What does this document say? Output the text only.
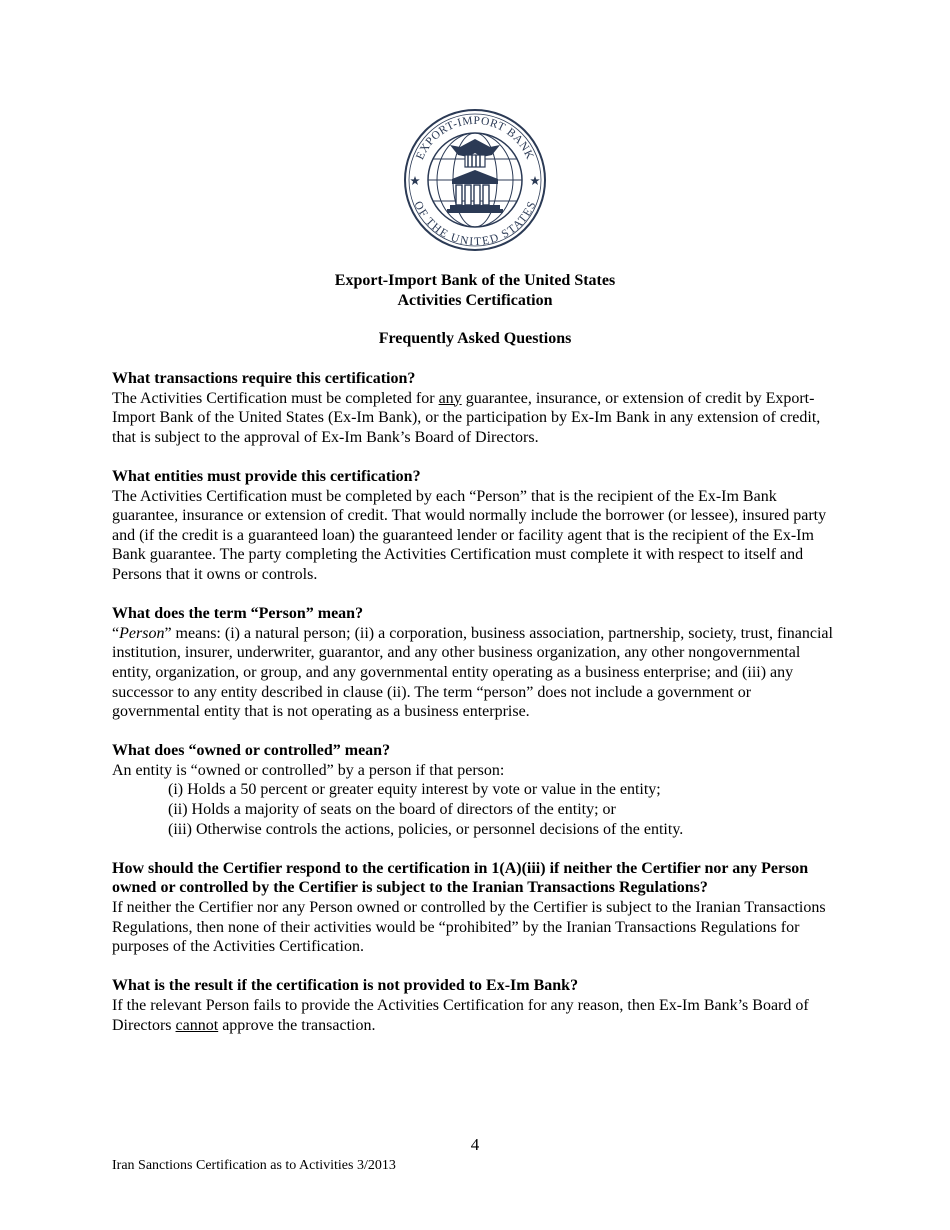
EXPORT-IMPORT BANK
OF THE UNITED STATES
Export-Import Bank of the United States
Activities Certification
Frequently Asked Questions

What transactions require this certification?

The Activities Certification must be completed for any guarantee, insurance, or extension of credit by Export-Import Bank of the United States (Ex-Im Bank), or the participation by Ex-Im Bank in any extension of credit, that is subject to the approval of Ex-Im Bank’s Board of Directors.

What entities must provide this certification?

The Activities Certification must be completed by each “Person” that is the recipient of the Ex-Im Bank guarantee, insurance or extension of credit. That would normally include the borrower (or lessee), insured party and (if the credit is a guaranteed loan) the guaranteed lender or facility agent that is the recipient of the Ex-Im Bank guarantee. The party completing the Activities Certification must complete it with respect to itself and Persons that it owns or controls.

What does the term “Person” mean?

“Person” means: (i) a natural person; (ii) a corporation, business association, partnership, society, trust, financial institution, insurer, underwriter, guarantor, and any other business organization, any other nongovernmental entity, organization, or group, and any governmental entity operating as a business enterprise; and (iii) any successor to any entity described in clause (ii). The term “person” does not include a government or governmental entity that is not operating as a business enterprise.

What does “owned or controlled” mean?

An entity is “owned or controlled” by a person if that person:

(i) Holds a 50 percent or greater equity interest by vote or value in the entity;
(ii) Holds a majority of seats on the board of directors of the entity; or
(iii) Otherwise controls the actions, policies, or personnel decisions of the entity.

How should the Certifier respond to the certification in 1(A)(iii) if neither the Certifier nor any Person owned or controlled by the Certifier is subject to the Iranian Transactions Regulations?

If neither the Certifier nor any Person owned or controlled by the Certifier is subject to the Iranian Transactions Regulations, then none of their activities would be “prohibited” by the Iranian Transactions Regulations for purposes of the Activities Certification.

What is the result if the certification is not provided to Ex-Im Bank?

If the relevant Person fails to provide the Activities Certification for any reason, then Ex-Im Bank’s Board of Directors cannot approve the transaction.

4
Iran Sanctions Certification as to Activities 3/2013
